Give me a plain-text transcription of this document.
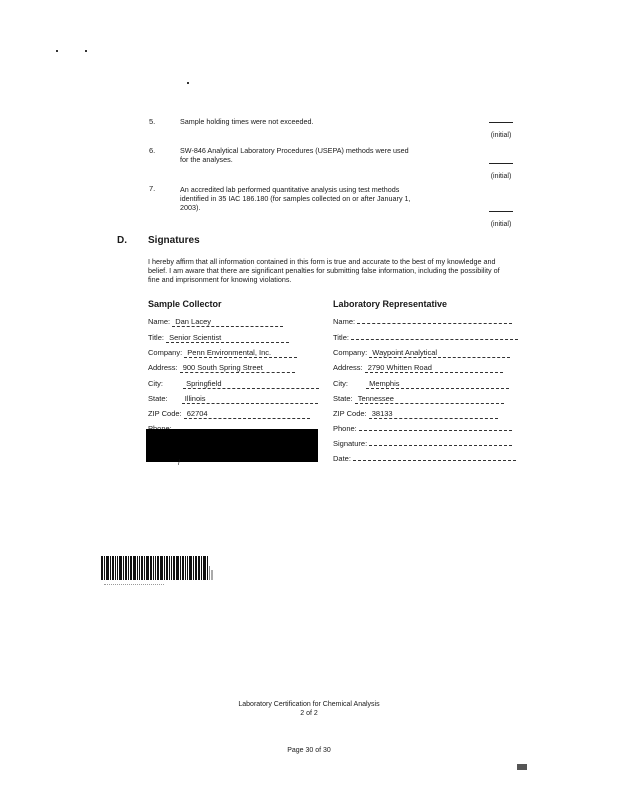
5.	Sample holding times were not exceeded.
(initial)
6.	SW-846 Analytical Laboratory Procedures (USEPA) methods were used for the analyses.
(initial)
7.	An accredited lab performed quantitative analysis using test methods identified in 35 IAC 186.180 (for samples collected on or after January 1, 2003).
(initial)
D. Signatures
I hereby affirm that all information contained in this form is true and accurate to the best of my knowledge and belief. I am aware that there are significant penalties for submitting false information, including the possibility of fine and imprisonment for knowing violations.
Sample Collector	Laboratory Representative
Name: Dan Lacey
Title: Senior Scientist
Company: Penn Environmental, Inc.
Address: 900 South Spring Street
City:	Springfield
State: Illinois
ZIP Code: 62704

/
Name:
Title:
Company: Waypoint Analytical
Address: 2790 Whitten Road
City:	Memphis
State: Tennessee
ZIP Code: 38133
Phone:
Signature:
Date:
Laboratory Certification for Chemical Analysis
2 of 2
Page 30 of 30
